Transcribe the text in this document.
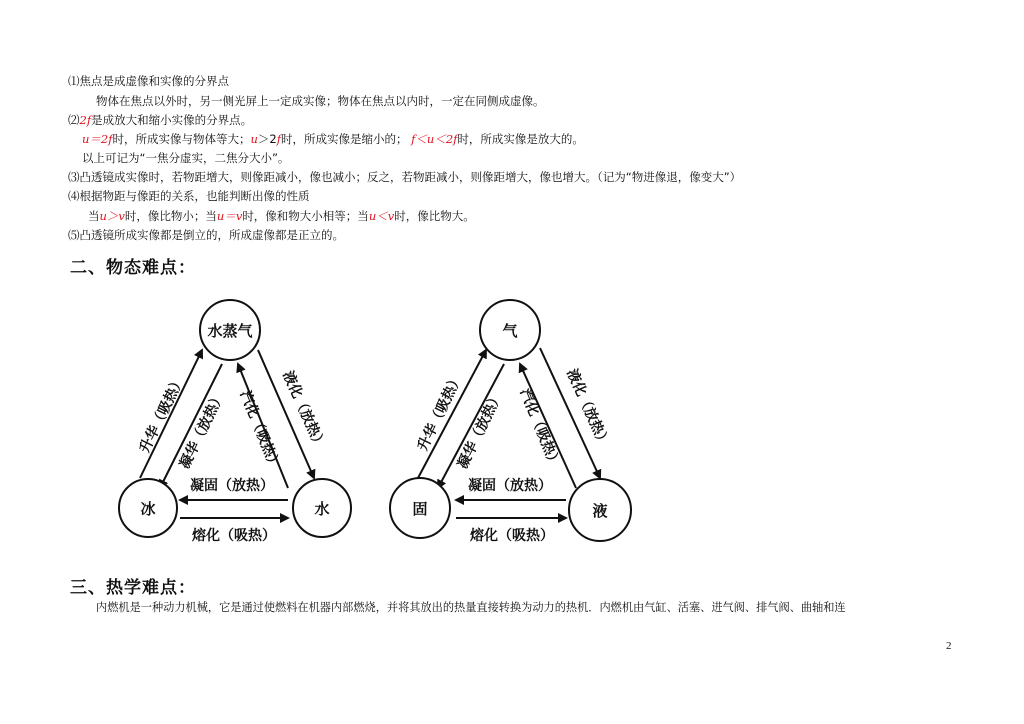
⑴焦点是成虚像和实像的分界点
物体在焦点以外时，另一侧光屏上一定成实像；物体在焦点以内时，一定在同侧成虚像。
⑵2f是成放大和缩小实像的分界点。
u＝2f时，所成实像与物体等大；u＞2f时，所成实像是缩小的； f＜u＜2f时，所成实像是放大的。
以上可记为“一焦分虚实，二焦分大小”。
⑶凸透镜成实像时，若物距增大，则像距减小，像也减小；反之，若物距减小，则像距增大，像也增大。（记为“物进像退，像变大”）
⑷根据物距与像距的关系，也能判断出像的性质
当u＞v时，像比物小；当u＝v时，像和物大小相等；当u＜v时，像比物大。
⑸凸透镜所成实像都是倒立的，所成虚像都是正立的。
二、物态难点：
水蒸气
冰	水
升华（吸热）
凝华（放热） 汽化（吸热）
液化（放热）
凝固（放热）
熔化（吸热）
气
固	液
升华（吸热）
凝华（放热） 汽化（吸热） 液化（放热）
凝固（放热）
熔化（吸热）
三、热学难点：
内燃机是一种动力机械，它是通过使燃料在机器内部燃烧，并将其放出的热量直接转换为动力的热机．内燃机由气缸、活塞、进气阀、排气阀、曲轴和连
2
